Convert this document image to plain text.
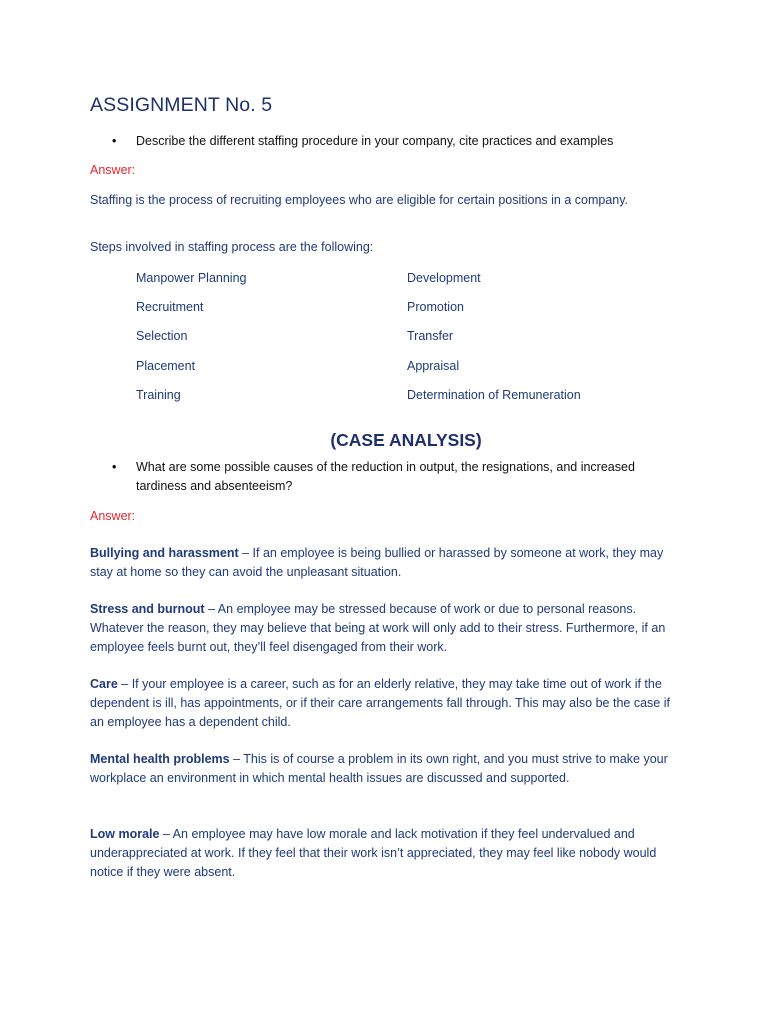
ASSIGNMENT No. 5
• Describe the different staffing procedure in your company, cite practices and examples
Answer:
Staffing is the process of recruiting employees who are eligible for certain positions in a company.
Steps involved in staffing process are the following:
Manpower Planning
Recruitment
Selection
Placement
Training
Development
Promotion
Transfer
Appraisal
Determination of Remuneration
(CASE ANALYSIS)
• What are some possible causes of the reduction in output, the resignations, and increased tardiness and absenteeism?
Answer:
Bullying and harassment – If an employee is being bullied or harassed by someone at work, they may stay at home so they can avoid the unpleasant situation.
Stress and burnout – An employee may be stressed because of work or due to personal reasons. Whatever the reason, they may believe that being at work will only add to their stress. Furthermore, if an employee feels burnt out, they’ll feel disengaged from their work.
Care – If your employee is a career, such as for an elderly relative, they may take time out of work if the dependent is ill, has appointments, or if their care arrangements fall through. This may also be the case if an employee has a dependent child.
Mental health problems – This is of course a problem in its own right, and you must strive to make your workplace an environment in which mental health issues are discussed and supported.
Low morale – An employee may have low morale and lack motivation if they feel undervalued and underappreciated at work. If they feel that their work isn’t appreciated, they may feel like nobody would notice if they were absent.
